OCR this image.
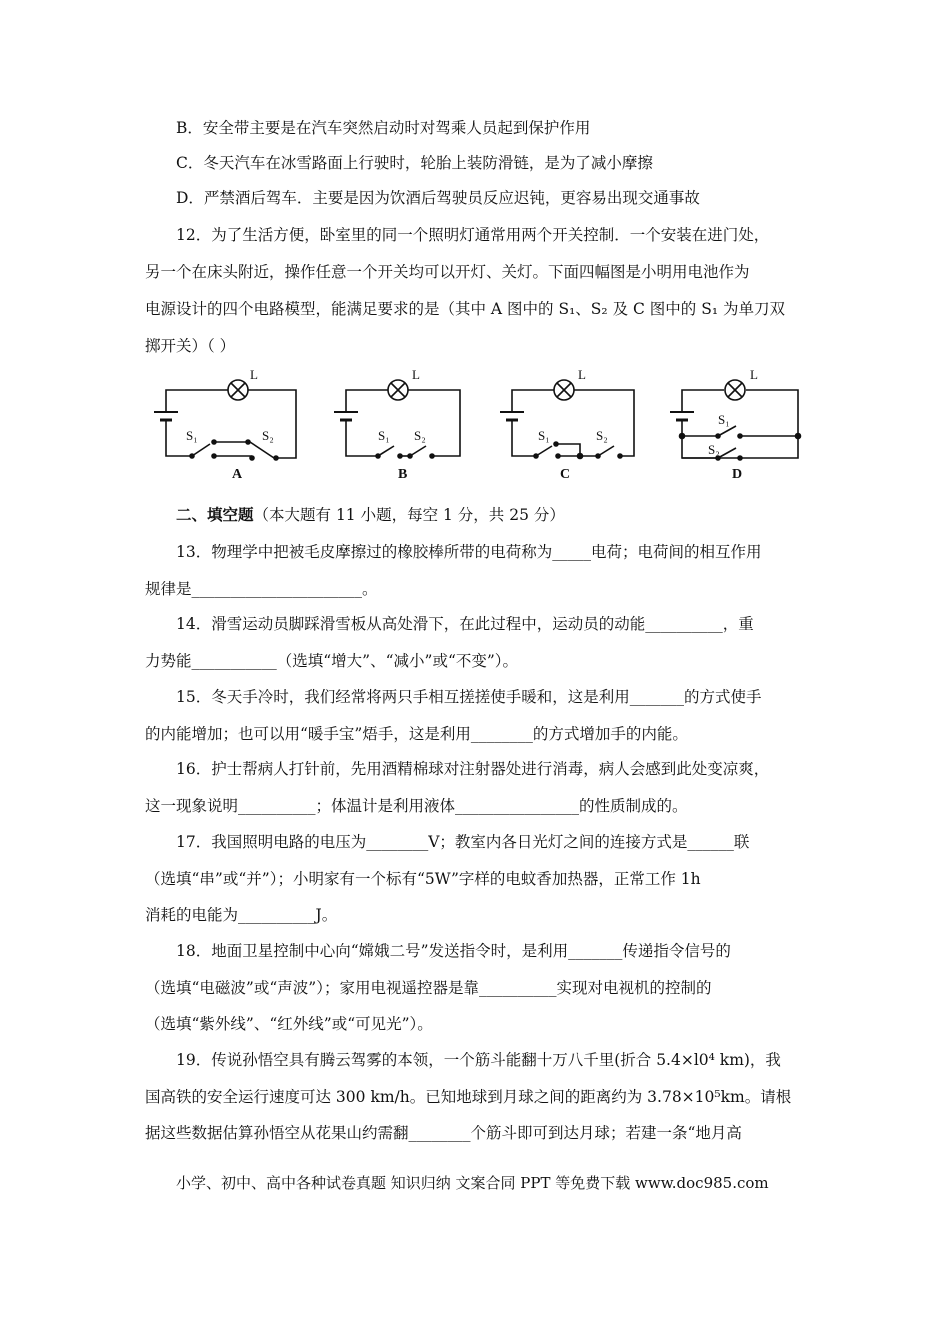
B．安全带主要是在汽车突然启动时对驾乘人员起到保护作用
C．冬天汽车在冰雪路面上行驶时，轮胎上装防滑链，是为了减小摩擦
D．严禁酒后驾车．主要是因为饮酒后驾驶员反应迟钝，更容易出现交通事故
12．为了生活方便，卧室里的同一个照明灯通常用两个开关控制．一个安装在进门处，
另一个在床头附近，操作任意一个开关均可以开灯、关灯。下面四幅图是小明用电池作为
电源设计的四个电路模型，能满足要求的是（其中 A 图中的 S₁、S₂ 及 C 图中的 S₁ 为单刀双
掷开关）（ ）
L
S₁	S₂
A
L
S₁ S₂
B
L
S₁	S₂
C
L
S₁
S₂
D
二、填空题（本大题有 11 小题，每空 1 分，共 25 分）
13．物理学中把被毛皮摩擦过的橡胶棒所带的电荷称为_____电荷；电荷间的相互作用
规律是______________________。
14．滑雪运动员脚踩滑雪板从高处滑下，在此过程中，运动员的动能__________，重
力势能___________（选填“增大”、“减小”或“不变”）。
15．冬天手冷时，我们经常将两只手相互搓搓使手暖和，这是利用_______的方式使手
的内能增加；也可以用“暖手宝”焐手，这是利用________的方式增加手的内能。
16．护士帮病人打针前，先用酒精棉球对注射器处进行消毒，病人会感到此处变凉爽，
这一现象说明__________；体温计是利用液体________________的性质制成的。
17．我国照明电路的电压为________V；教室内各日光灯之间的连接方式是______联
（选填“串”或“并”）；小明家有一个标有“5W”字样的电蚊香加热器，正常工作 1h
消耗的电能为__________J。
18．地面卫星控制中心向“嫦娥二号”发送指令时，是利用_______传递指令信号的
（选填“电磁波”或“声波”）；家用电视遥控器是靠__________实现对电视机的控制的
（选填“紫外线”、“红外线”或“可见光”）。
19．传说孙悟空具有腾云驾雾的本领，一个筋斗能翻十万八千里(折合 5.4×l0⁴ km)，我
国高铁的安全运行速度可达 300 km/h。已知地球到月球之间的距离约为 3.78×10⁵km。请根
据这些数据估算孙悟空从花果山约需翻________个筋斗即可到达月球；若建一条“地月高
小学、初中、高中各种试卷真题 知识归纳 文案合同 PPT 等免费下载 www.doc985.com
